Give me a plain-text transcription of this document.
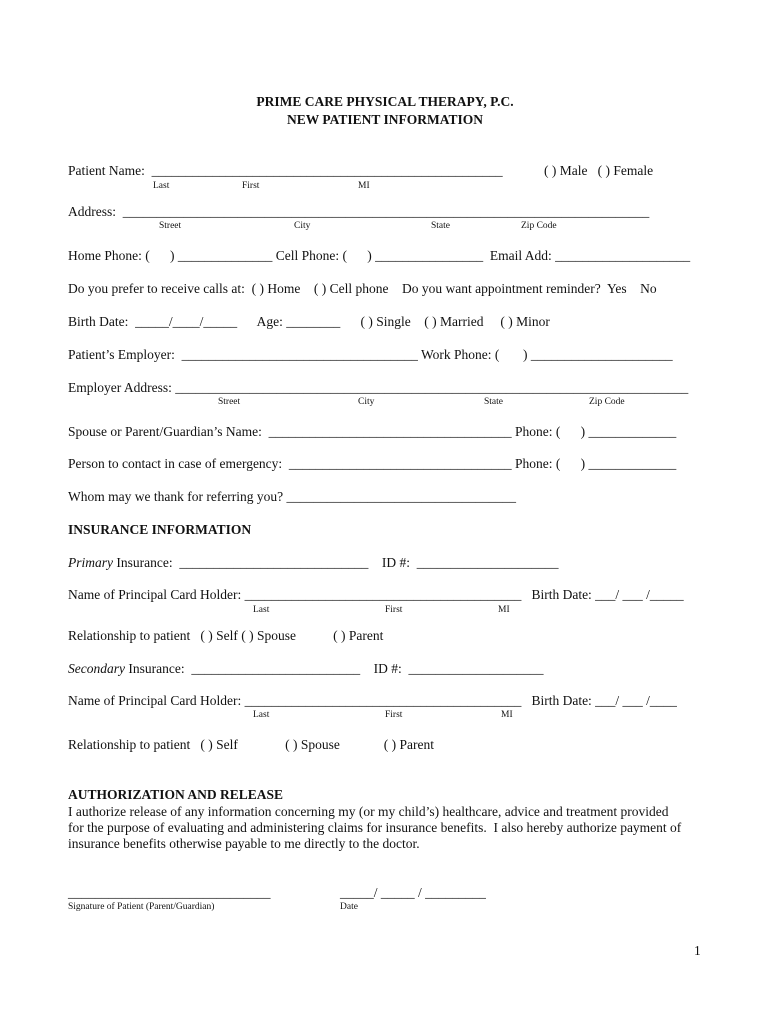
PRIME CARE PHYSICAL THERAPY, P.C.
NEW PATIENT INFORMATION
Patient Name:  ____________________________________________________	( ) Male   ( ) Female
Last	First	MI
Address:  ______________________________________________________________________________
Street	City	State	Zip Code
Home Phone: (      ) ______________ Cell Phone: (      ) ________________  Email Add: ____________________
Do you prefer to receive calls at:  ( ) Home    ( ) Cell phone    Do you want appointment reminder?  Yes    No
Birth Date:  _____/____/_____      Age: ________      ( ) Single    ( ) Married     ( ) Minor
Patient’s Employer:  ___________________________________ Work Phone: (       ) _____________________
Employer Address: ____________________________________________________________________________
Street	City	State	Zip Code
Spouse or Parent/Guardian’s Name:  ____________________________________ Phone: (      ) _____________
Person to contact in case of emergency:  _________________________________ Phone: (      ) _____________
Whom may we thank for referring you? __________________________________
INSURANCE INFORMATION
Primary Insurance:  ____________________________    ID #:  _____________________
Name of Principal Card Holder: _________________________________________   Birth Date: ___/ ___ /_____
Last	First	MI
Relationship to patient   ( ) Self ( ) Spouse           ( ) Parent
Secondary Insurance:  _________________________    ID #:  ____________________
Name of Principal Card Holder: _________________________________________   Birth Date: ___/ ___ /____
Last	First	MI
Relationship to patient   ( ) Self              ( ) Spouse             ( ) Parent
AUTHORIZATION AND RELEASE
I authorize release of any information concerning my (or my child’s) healthcare, advice and treatment provided
for the purpose of evaluating and administering claims for insurance benefits.  I also hereby authorize payment of
insurance benefits otherwise payable to me directly to the doctor.
______________________________
Signature of Patient (Parent/Guardian)
_____/ _____ / _________
Date
1
